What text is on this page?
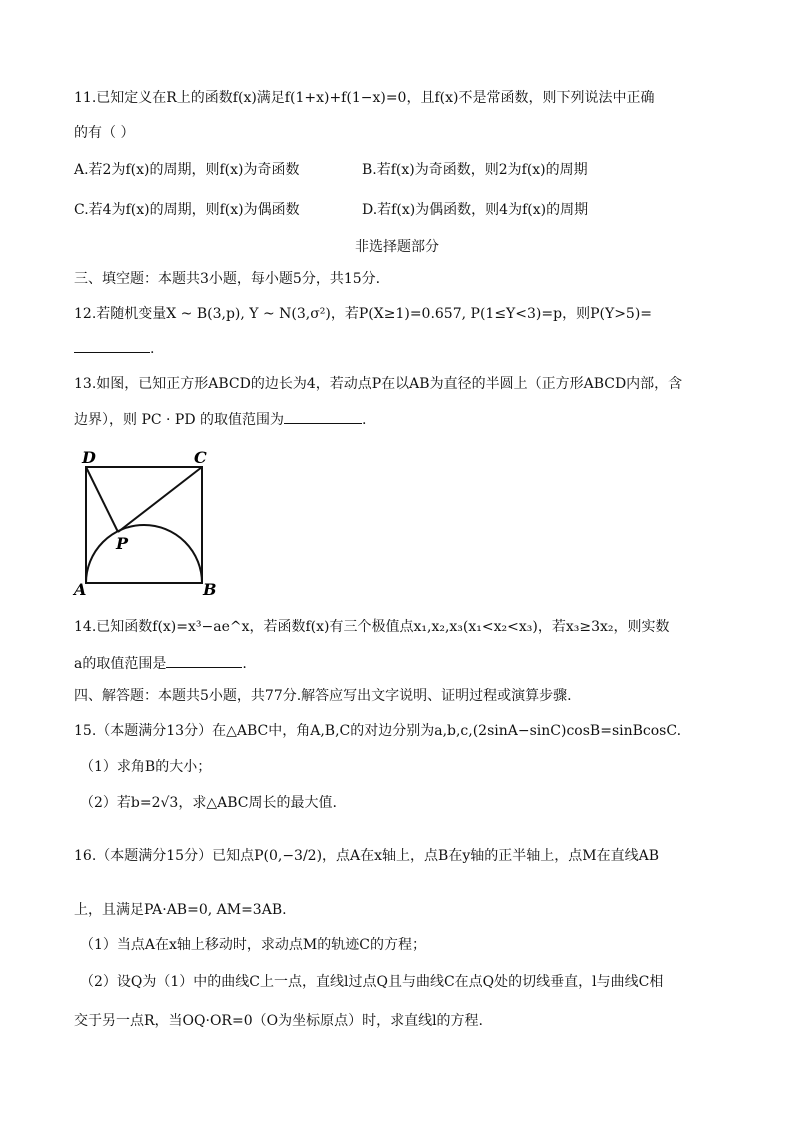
11.已知定义在R上的函数f(x)满足f(1+x)+f(1−x)=0，且f(x)不是常函数，则下列说法中正确
的有（ ）
A.若2为f(x)的周期，则f(x)为奇函数	B.若f(x)为奇函数，则2为f(x)的周期
C.若4为f(x)的周期，则f(x)为偶函数	D.若f(x)为偶函数，则4为f(x)的周期
非选择题部分
三、填空题：本题共3小题，每小题5分，共15分.
12.若随机变量X ~ B(3,p), Y ~ N(3,σ²)，若P(X≥1)=0.657, P(1≤Y<3)=p，则P(Y>5)=
.
13.如图，已知正方形ABCD的边长为4，若动点P在以AB为直径的半圆上（正方形ABCD内部，含
边界），则 PC · PD 的取值范围为	.
D	C
P
A	B
14.已知函数f(x)=x³−ae^x，若函数f(x)有三个极值点x₁,x₂,x₃(x₁<x₂<x₃)，若x₃≥3x₂，则实数
a的取值范围是	.
四、解答题：本题共5小题，共77分.解答应写出文字说明、证明过程或演算步骤.
15.（本题满分13分）在△ABC中，角A,B,C的对边分别为a,b,c,(2sinA−sinC)cosB=sinBcosC.
（1）求角B的大小；
（2）若b=2√3，求△ABC周长的最大值.
16.（本题满分15分）已知点P(0,−3/2)，点A在x轴上，点B在y轴的正半轴上，点M在直线AB
上，且满足PA·AB=0, AM=3AB.
（1）当点A在x轴上移动时，求动点M的轨迹C的方程；
（2）设Q为（1）中的曲线C上一点，直线l过点Q且与曲线C在点Q处的切线垂直，l与曲线C相
交于另一点R，当OQ·OR=0（O为坐标原点）时，求直线l的方程.
